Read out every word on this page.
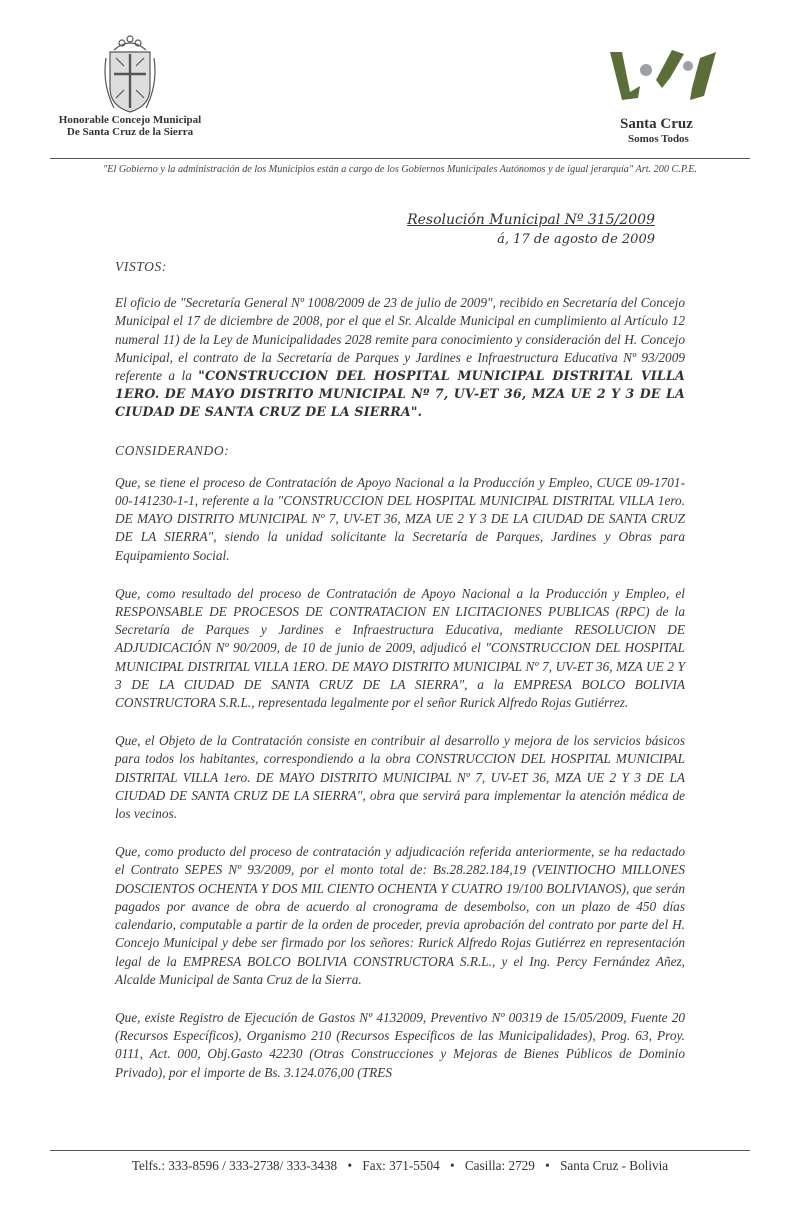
Honorable Concejo Municipal
De Santa Cruz de la Sierra	Santa Cruz
Somos Todos
"El Gobierno y la administración de los Municipios están a cargo de los Gobiernos Municipales Autónomos y de igual jerarquía" Art. 200 C.P.E.
Resolución Municipal Nº 315/2009
á, 17 de agosto de 2009

VISTOS:

El oficio de "Secretaría General Nº 1008/2009 de 23 de julio de 2009", recibido en Secretaría del Concejo Municipal el 17 de diciembre de 2008, por el que el Sr. Alcalde Municipal en cumplimiento al Artículo 12 numeral 11) de la Ley de Municipalidades 2028 remite para conocimiento y consideración del H. Concejo Municipal, el contrato de la Secretaría de Parques y Jardines e Infraestructura Educativa Nº 93/2009 referente a la "CONSTRUCCION DEL HOSPITAL MUNICIPAL DISTRITAL VILLA 1ERO. DE MAYO DISTRITO MUNICIPAL Nº 7, UV-ET 36, MZA UE 2 Y 3 DE LA CIUDAD DE SANTA CRUZ DE LA SIERRA".

CONSIDERANDO:

Que, se tiene el proceso de Contratación de Apoyo Nacional a la Producción y Empleo, CUCE 09-1701-00-141230-1-1, referente a la "CONSTRUCCION DEL HOSPITAL MUNICIPAL DISTRITAL VILLA 1ero. DE MAYO DISTRITO MUNICIPAL Nº 7, UV-ET 36, MZA UE 2 Y 3 DE LA CIUDAD DE SANTA CRUZ DE LA SIERRA", siendo la unidad solicitante la Secretaría de Parques, Jardines y Obras para Equipamiento Social.

Que, como resultado del proceso de Contratación de Apoyo Nacional a la Producción y Empleo, el RESPONSABLE DE PROCESOS DE CONTRATACION EN LICITACIONES PUBLICAS (RPC) de la Secretaría de Parques y Jardines e Infraestructura Educativa, mediante RESOLUCION DE ADJUDICACIÓN Nº 90/2009, de 10 de junio de 2009, adjudicó el "CONSTRUCCION DEL HOSPITAL MUNICIPAL DISTRITAL VILLA 1ERO. DE MAYO DISTRITO MUNICIPAL Nº 7, UV-ET 36, MZA UE 2 Y 3 DE LA CIUDAD DE SANTA CRUZ DE LA SIERRA", a la EMPRESA BOLCO BOLIVIA CONSTRUCTORA S.R.L., representada legalmente por el señor Rurick Alfredo Rojas Gutiérrez.

Que, el Objeto de la Contratación consiste en contribuir al desarrollo y mejora de los servicios básicos para todos los habitantes, correspondiendo a la obra CONSTRUCCION DEL HOSPITAL MUNICIPAL DISTRITAL VILLA 1ero. DE MAYO DISTRITO MUNICIPAL Nº 7, UV-ET 36, MZA UE 2 Y 3 DE LA CIUDAD DE SANTA CRUZ DE LA SIERRA", obra que servirá para implementar la atención médica de los vecinos.

Que, como producto del proceso de contratación y adjudicación referida anteriormente, se ha redactado el Contrato SEPES Nº 93/2009, por el monto total de: Bs.28.282.184,19 (VEINTIOCHO MILLONES DOSCIENTOS OCHENTA Y DOS MIL CIENTO OCHENTA Y CUATRO 19/100 BOLIVIANOS), que serán pagados por avance de obra de acuerdo al cronograma de desembolso, con un plazo de 450 días calendario, computable a partir de la orden de proceder, previa aprobación del contrato por parte del H. Concejo Municipal y debe ser firmado por los señores: Rurick Alfredo Rojas Gutiérrez en representación legal de la EMPRESA BOLCO BOLIVIA CONSTRUCTORA S.R.L., y el Ing. Percy Fernández Añez, Alcalde Municipal de Santa Cruz de la Sierra.

Que, existe Registro de Ejecución de Gastos Nº 4132009, Preventivo Nº 00319 de 15/05/2009, Fuente 20 (Recursos Específicos), Organismo 210 (Recursos Específicos de las Municipalidades), Prog. 63, Proy. 0111, Act. 000, Obj.Gasto 42230 (Otras Construcciones y Mejoras de Bienes Públicos de Dominio Privado), por el importe de Bs. 3.124.076,00 (TRES

Telfs.: 333-8596 / 333-2738/ 333-3438 • Fax: 371-5504 • Casilla: 2729 • Santa Cruz - Bolivia
